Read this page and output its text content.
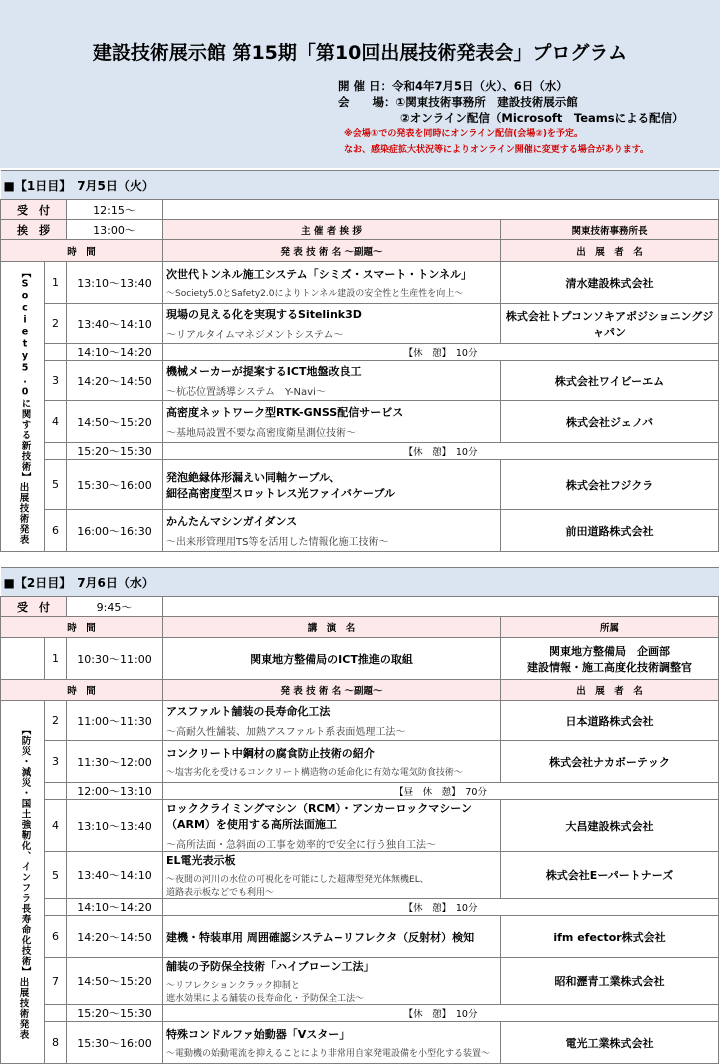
建設技術展示館 第15期「第10回出展技術発表会」プログラム
開 催 日：令和4年7月5日（火）、6日（水）
会　　場：①関東技術事務所　建設技術展示館
②オンライン配信（Microsoft　Teamsによる配信）
※会場①での発表を同時にオンライン配信(会場②)を予定。
なお、感染症拡大状況等によりオンライン開催に変更する場合があります。
■【1日目】　7月5日（火）				
受　付		12:15～		
挨　拶		13:00～	主 催 者 挨 拶	関東技術事務所長
時　間			発 表 技 術 名 ～副題～	出　展　者　名

【Society5.0に関する新技術】
出展技術発表	1	13:10～13:40	次世代トンネル施工システム「シミズ・スマート・トンネル」
～Society5.0とSafety2.0によりトンネル建設の安全性と生産性を向上～	清水建設株式会社
	2	13:40～14:10	現場の見える化を実現するSitelink3D
～リアルタイムマネジメントシステム～	株式会社トプコンソキアポジショニングジャパン
		14:10～14:20	【休　憩】　10分	
	3	14:20～14:50	機械メーカーが提案するICT地盤改良工
～杭芯位置誘導システム　Y-Navi～	株式会社ワイビーエム
	4	14:50～15:20	高密度ネットワーク型RTK-GNSS配信サービス
～基地局設置不要な高密度衛星測位技術～	株式会社ジェノバ
		15:20～15:30	【休　憩】　10分	
	5	15:30～16:00	発泡絶縁体形漏えい同軸ケーブル、
細径高密度型スロットレス光ファイバケーブル	株式会社フジクラ
	6	16:00～16:30	かんたんマシンガイダンス
～出来形管理用TS等を活用した情報化施工技術～	前田道路株式会社
■【2日目】　7月6日（水）				
受　付		9:45～		
時　間			講　演　名	所属
	1	10:30～11:00	関東地方整備局のICT推進の取組	関東地方整備局　企画部
建設情報・施工高度化技術調整官
時　間			発 表 技 術 名 ～副題～	出　展　者　名

【防災・減災・国土強靭化、インフラ長寿命化技術】
出展技術発表	2	11:00～11:30	アスファルト舗装の長寿命化工法
～高耐久性舗装、加熱アスファルト系表面処理工法～	日本道路株式会社
	3	11:30～12:00	コンクリート中鋼材の腐食防止技術の紹介
～塩害劣化を受けるコンクリート構造物の延命化に有効な電気防食技術～	株式会社ナカボーテック
		12:00～13:10	【昼　休　憩】　70分	
	4	13:10～13:40	ロッククライミングマシン（RCM）・アンカーロックマシーン
（ARM）を使用する高所法面施工
～高所法面・急斜面の工事を効率的で安全に行う独自工法～	大昌建設株式会社
	5	13:40～14:10	EL電光表示板
～夜間の河川の水位の可視化を可能にした超薄型発光体無機EL、
道路表示板などでも利用～	株式会社Eーパートナーズ
		14:10～14:20	【休　憩】　10分	
	6	14:20～14:50	建機・特装車用 周囲確認システム−リフレクタ（反射材）検知	ifm efector株式会社
	7	14:50～15:20	舗装の予防保全技術「ハイブローン工法」
～リフレクションクラック抑制と
遮水効果による舗装の長寿命化・予防保全工法～	昭和瀝青工業株式会社
		15:20～15:30	【休　憩】　10分	
	8	15:30～16:00	特殊コンドルファ始動器「Vスター」
～電動機の始動電流を抑えることにより非常用自家発電設備を小型化する装置～	電光工業株式会社
